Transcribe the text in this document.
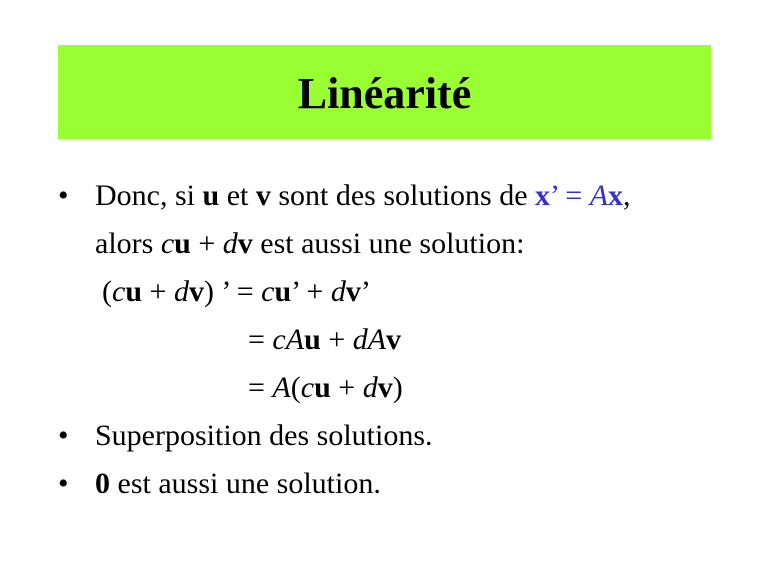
Linéarité
• Donc, si u et v sont des solutions de x’ = Ax,
alors cu + dv est aussi une solution:
(cu + dv) ’ = cu’ + dv’
= cAu + dAv
= A(cu + dv)
• Superposition des solutions.
• 0 est aussi une solution.
